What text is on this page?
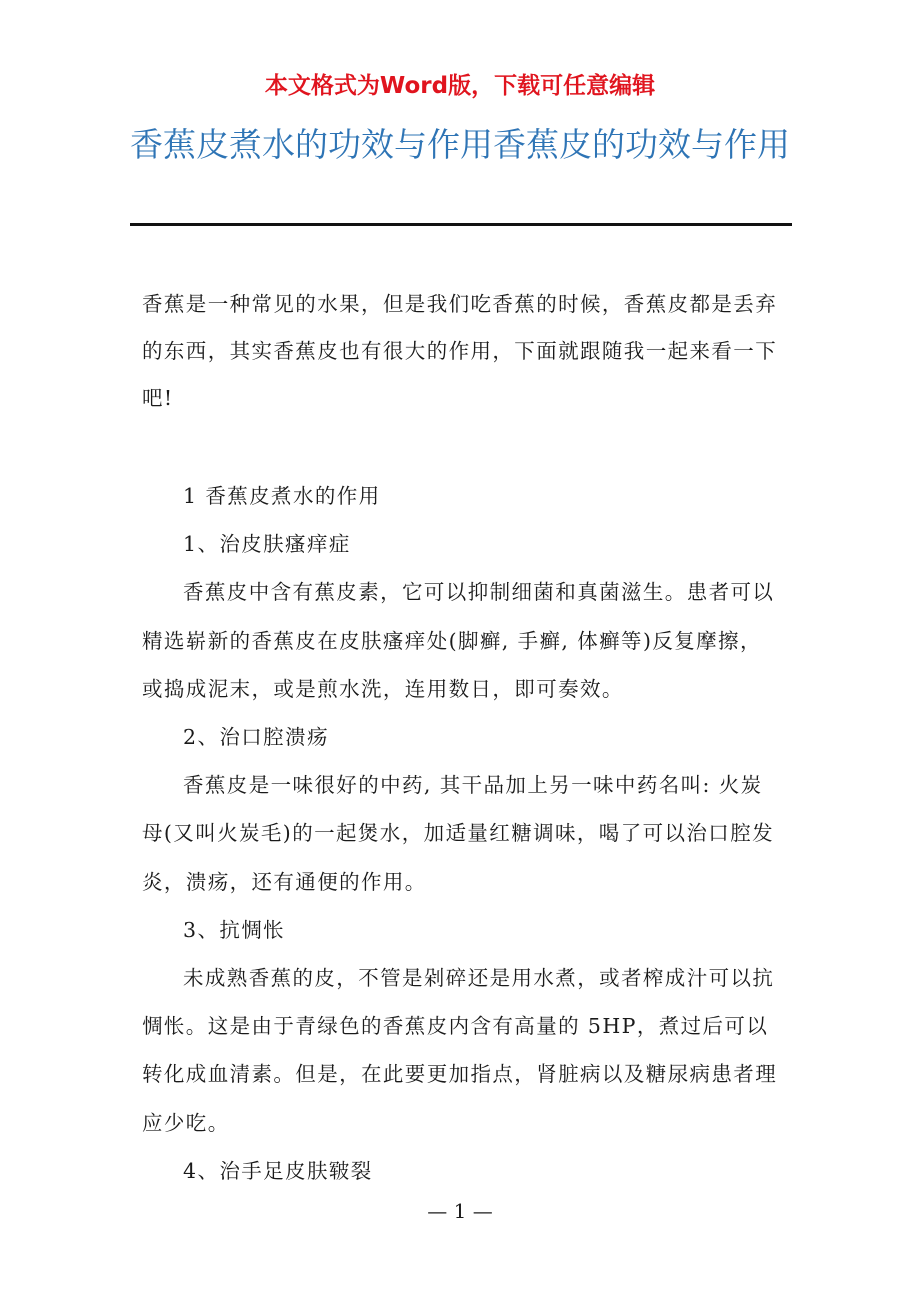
本文格式为Word版，下载可任意编辑

香蕉皮煮水的功效与作用香蕉皮的功效与作用

香蕉是一种常见的水果，但是我们吃香蕉的时候，香蕉皮都是丢弃的东西，其实香蕉皮也有很大的作用，下面就跟随我一起来看一下吧!

1 香蕉皮煮水的作用

1、治皮肤瘙痒症

香蕉皮中含有蕉皮素，它可以抑制细菌和真菌滋生。患者可以精选崭新的香蕉皮在皮肤瘙痒处(脚癣, 手癣, 体癣等)反复摩擦，或捣成泥末，或是煎水洗，连用数日，即可奏效。

2、治口腔溃疡

香蕉皮是一味很好的中药, 其干品加上另一味中药名叫: 火炭母(又叫火炭毛)的一起煲水，加适量红糖调味，喝了可以治口腔发炎，溃疡，还有通便的作用。

3、抗惆怅

未成熟香蕉的皮，不管是剁碎还是用水煮，或者榨成汁可以抗惆怅。这是由于青绿色的香蕉皮内含有高量的 5HP，煮过后可以转化成血清素。但是，在此要更加指点，肾脏病以及糖尿病患者理应少吃。

4、治手足皮肤皲裂

— 1 —
